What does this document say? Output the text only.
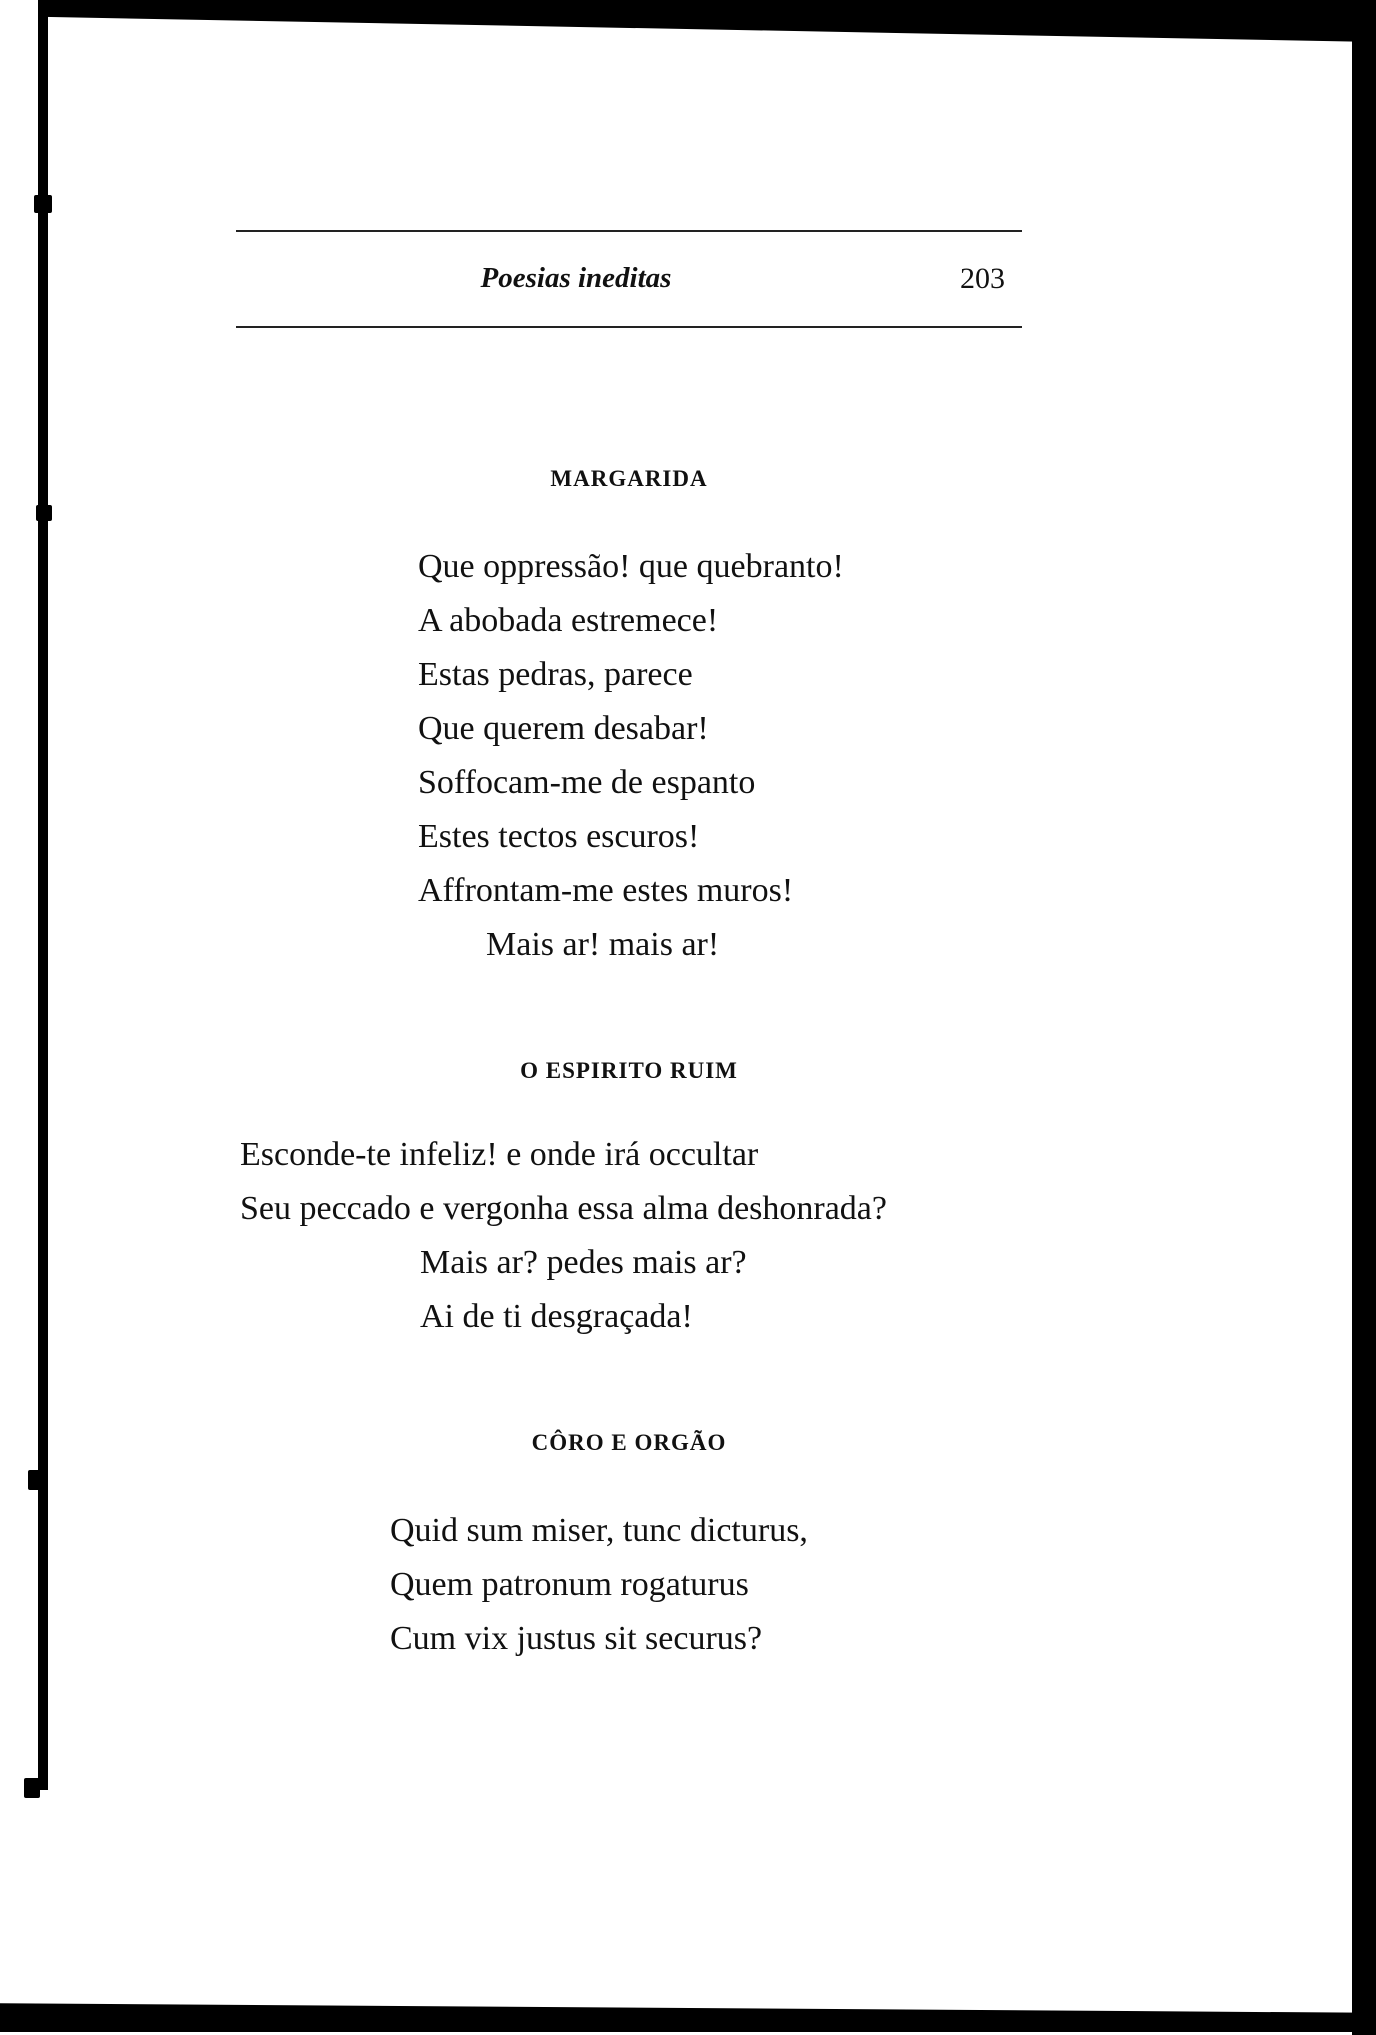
Poesias ineditas	203
MARGARIDA
Que oppressão! que quebranto!
A abobada estremece!
Estas pedras, parece
Que querem desabar!
Soffocam-me de espanto
Estes tectos escuros!
Affrontam-me estes muros!
Mais ar! mais ar!
O ESPIRITO RUIM
Esconde-te infeliz! e onde irá occultar
Seu peccado e vergonha essa alma deshonrada?
Mais ar? pedes mais ar?
Ai de ti desgraçada!
CÔRO E ORGÃO
Quid sum miser, tunc dicturus,
Quem patronum rogaturus
Cum vix justus sit securus?
